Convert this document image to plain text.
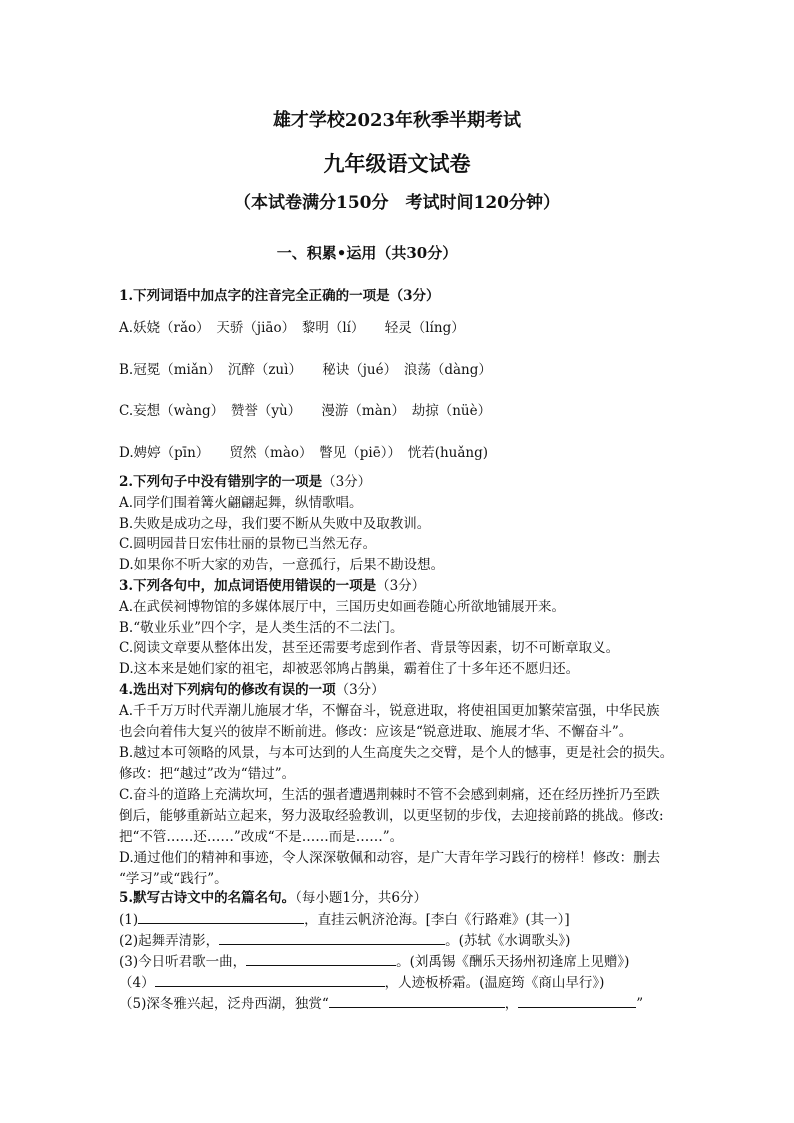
雄才学校2023年秋季半期考试
九年级语文试卷
（本试卷满分150分　考试时间120分钟）
一、积累•运用（共30分）
1.下列词语中加点字的注音完全正确的一项是（3分）
A.妖娆（rǎo）　天骄（jiāo）　黎明（lí）　　轻灵（líng）
B.冠冕（miǎn）　沉醉（zuì）　　秘诀（jué）　浪荡（dàng）
C.妄想（wàng）　赞誉（yù）　　漫游（màn）　劫掠（nüè）
D.娉婷（pīn）　　贸然（mào）　瞥见（piē））　恍若(huǎng)
2.下列句子中没有错别字的一项是（3分）
A.同学们围着篝火翩翩起舞，纵情歌唱。
B.失败是成功之母，我们要不断从失败中及取教训。
C.圆明园昔日宏伟壮丽的景物已当然无存。
D.如果你不听大家的劝告，一意孤行，后果不勘设想。
3.下列各句中，加点词语使用错误的一项是（3分）
A.在武侯祠博物馆的多媒体展厅中，三国历史如画卷随心所欲地铺展开来。
B.“敬业乐业”四个字，是人类生活的不二法门。
C.阅读文章要从整体出发，甚至还需要考虑到作者、背景等因素，切不可断章取义。
D.这本来是她们家的祖宅，却被恶邻鸠占鹊巢，霸着住了十多年还不愿归还。
4.选出对下列病句的修改有误的一项（3分）
A.千千万万时代弄潮儿施展才华，不懈奋斗，锐意进取，将使祖国更加繁荣富强，中华民族
也会向着伟大复兴的彼岸不断前进。修改：应该是“锐意进取、施展才华、不懈奋斗”。
B.越过本可领略的风景，与本可达到的人生高度失之交臂，是个人的憾事，更是社会的损失。
修改：把“越过”改为“错过”。
C.奋斗的道路上充满坎坷，生活的强者遭遇荆棘时不管不会感到刺痛，还在经历挫折乃至跌
倒后，能够重新站立起来，努力汲取经验教训，以更坚韧的步伐，去迎接前路的挑战。修改:
把“不管……还……”改成“不是……而是……”。
D.通过他们的精神和事迹，令人深深敬佩和动容，是广大青年学习践行的榜样！修改：删去
“学习”或“践行”。
5.默写古诗文中的名篇名句。（每小题1分，共6分）
(1)	，直挂云帆济沧海。[李白《行路难》(其一）]
(2)起舞弄清影，	。(苏轼《水调歌头》)
(3)今日听君歌一曲，	。(刘禹锡《酬乐天扬州初逢席上见赠》)
（4）	，人迹板桥霜。(温庭筠《商山早行》)
（5)深冬雅兴起，泛舟西湖，独赏“	，	”
